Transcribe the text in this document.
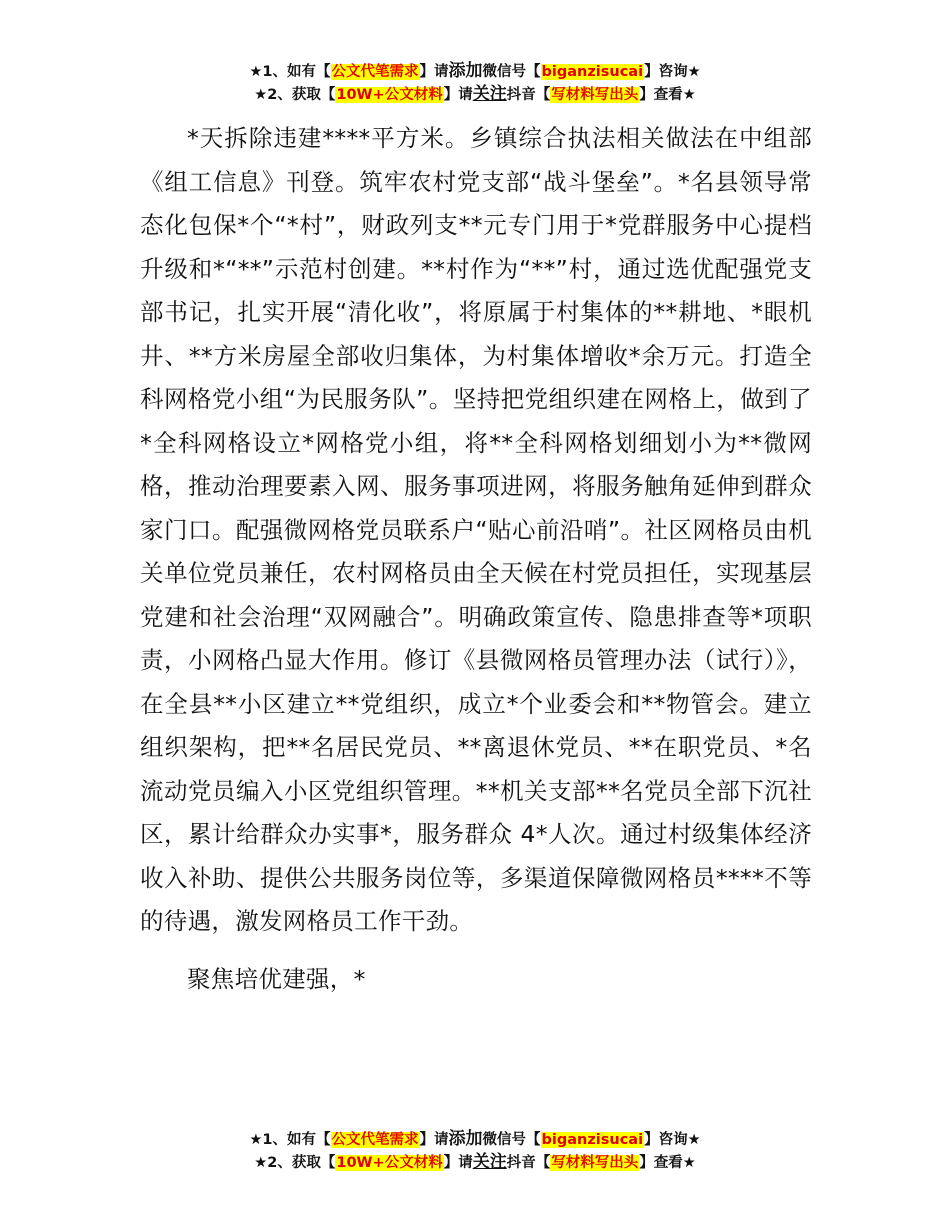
★1、如有【公文代笔需求】请添加微信号【biganzisucai】咨询★
★2、获取【10W+公文材料】请关注抖音【写材料写出头】查看★

*天拆除违建****平方米。乡镇综合执法相关做法在中组部《组工信息》刊登。筑牢农村党支部“战斗堡垒”。*名县领导常态化包保*个“*村”，财政列支**元专门用于*党群服务中心提档升级和*“**”示范村创建。**村作为“**”村，通过选优配强党支部书记，扎实开展“清化收”，将原属于村集体的**耕地、*眼机井、**方米房屋全部收归集体，为村集体增收*余万元。打造全科网格党小组“为民服务队”。坚持把党组织建在网格上，做到了*全科网格设立*网格党小组，将**全科网格划细划小为**微网格，推动治理要素入网、服务事项进网，将服务触角延伸到群众家门口。配强微网格党员联系户“贴心前沿哨”。社区网格员由机关单位党员兼任，农村网格员由全天候在村党员担任，实现基层党建和社会治理“双网融合”。明确政策宣传、隐患排查等*项职责，小网格凸显大作用。修订《县微网格员管理办法（试行）》，在全县**小区建立**党组织，成立*个业委会和**物管会。建立组织架构，把**名居民党员、**离退休党员、**在职党员、*名流动党员编入小区党组织管理。**机关支部**名党员全部下沉社区，累计给群众办实事*，服务群众 4*人次。通过村级集体经济收入补助、提供公共服务岗位等，多渠道保障微网格员****不等的待遇，激发网格员工作干劲。

聚焦培优建强，*

★1、如有【公文代笔需求】请添加微信号【biganzisucai】咨询★
★2、获取【10W+公文材料】请关注抖音【写材料写出头】查看★
